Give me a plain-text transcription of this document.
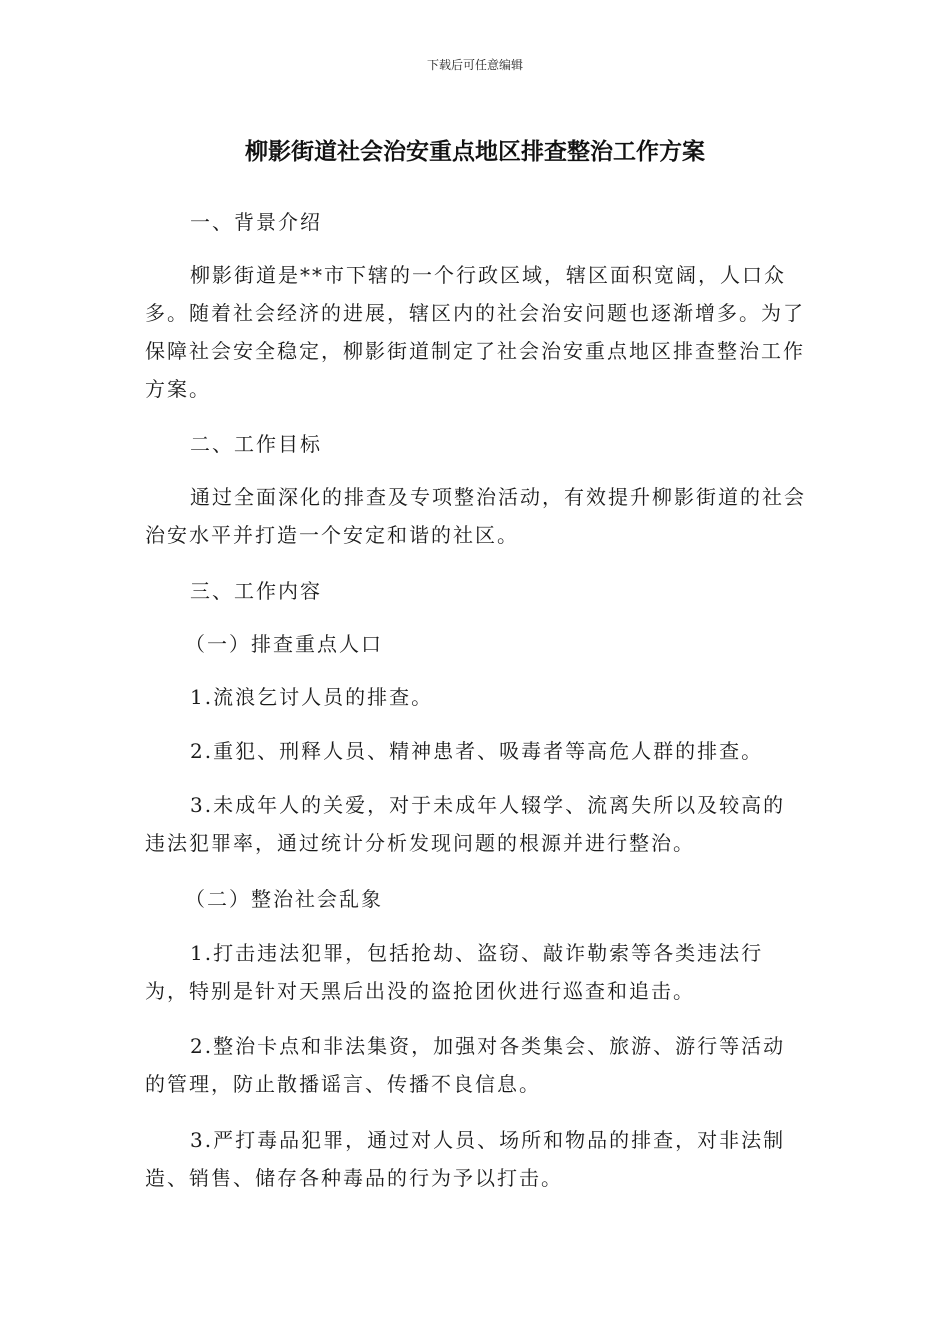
下载后可任意编辑
柳影街道社会治安重点地区排查整治工作方案

一、背景介绍

柳影街道是**市下辖的一个行政区域，辖区面积宽阔，人口众多。随着社会经济的进展，辖区内的社会治安问题也逐渐增多。为了保障社会安全稳定，柳影街道制定了社会治安重点地区排查整治工作方案。

二、工作目标

通过全面深化的排查及专项整治活动，有效提升柳影街道的社会治安水平并打造一个安定和谐的社区。

三、工作内容

（一）排查重点人口

1.流浪乞讨人员的排查。

2.重犯、刑释人员、精神患者、吸毒者等高危人群的排查。

3.未成年人的关爱，对于未成年人辍学、流离失所以及较高的违法犯罪率，通过统计分析发现问题的根源并进行整治。

（二）整治社会乱象

1.打击违法犯罪，包括抢劫、盗窃、敲诈勒索等各类违法行为，特别是针对天黑后出没的盗抢团伙进行巡查和追击。

2.整治卡点和非法集资，加强对各类集会、旅游、游行等活动的管理，防止散播谣言、传播不良信息。

3.严打毒品犯罪，通过对人员、场所和物品的排查，对非法制造、销售、储存各种毒品的行为予以打击。
